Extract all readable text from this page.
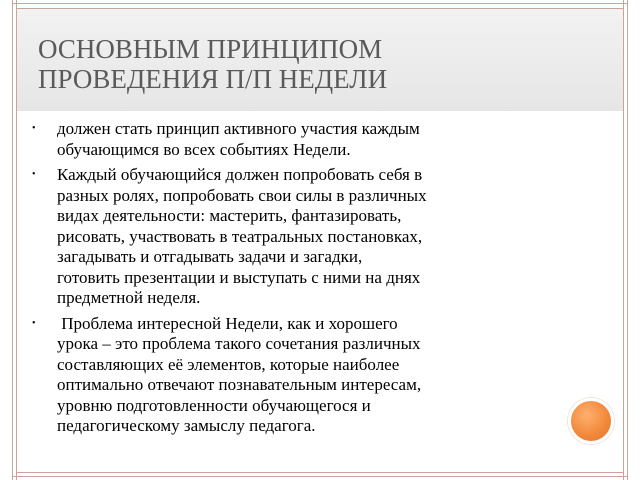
ОСНОВНЫМ ПРИНЦИПОМ
ПРОВЕДЕНИЯ П/П НЕДЕЛИ
• должен стать принцип активного участия каждым
обучающимся во всех событиях Недели.
• Каждый обучающийся должен попробовать себя в
разных ролях, попробовать свои силы в различных
видах деятельности: мастерить, фантазировать,
рисовать, участвовать в театральных постановках,
загадывать и отгадывать задачи и загадки,
готовить презентации и выступать с ними на днях
предметной неделя.
• Проблема интересной Недели, как и хорошего
урока – это проблема такого сочетания различных
составляющих её элементов, которые наиболее
оптимально отвечают познавательным интересам,
уровню подготовленности обучающегося и
педагогическому замыслу педагога.
